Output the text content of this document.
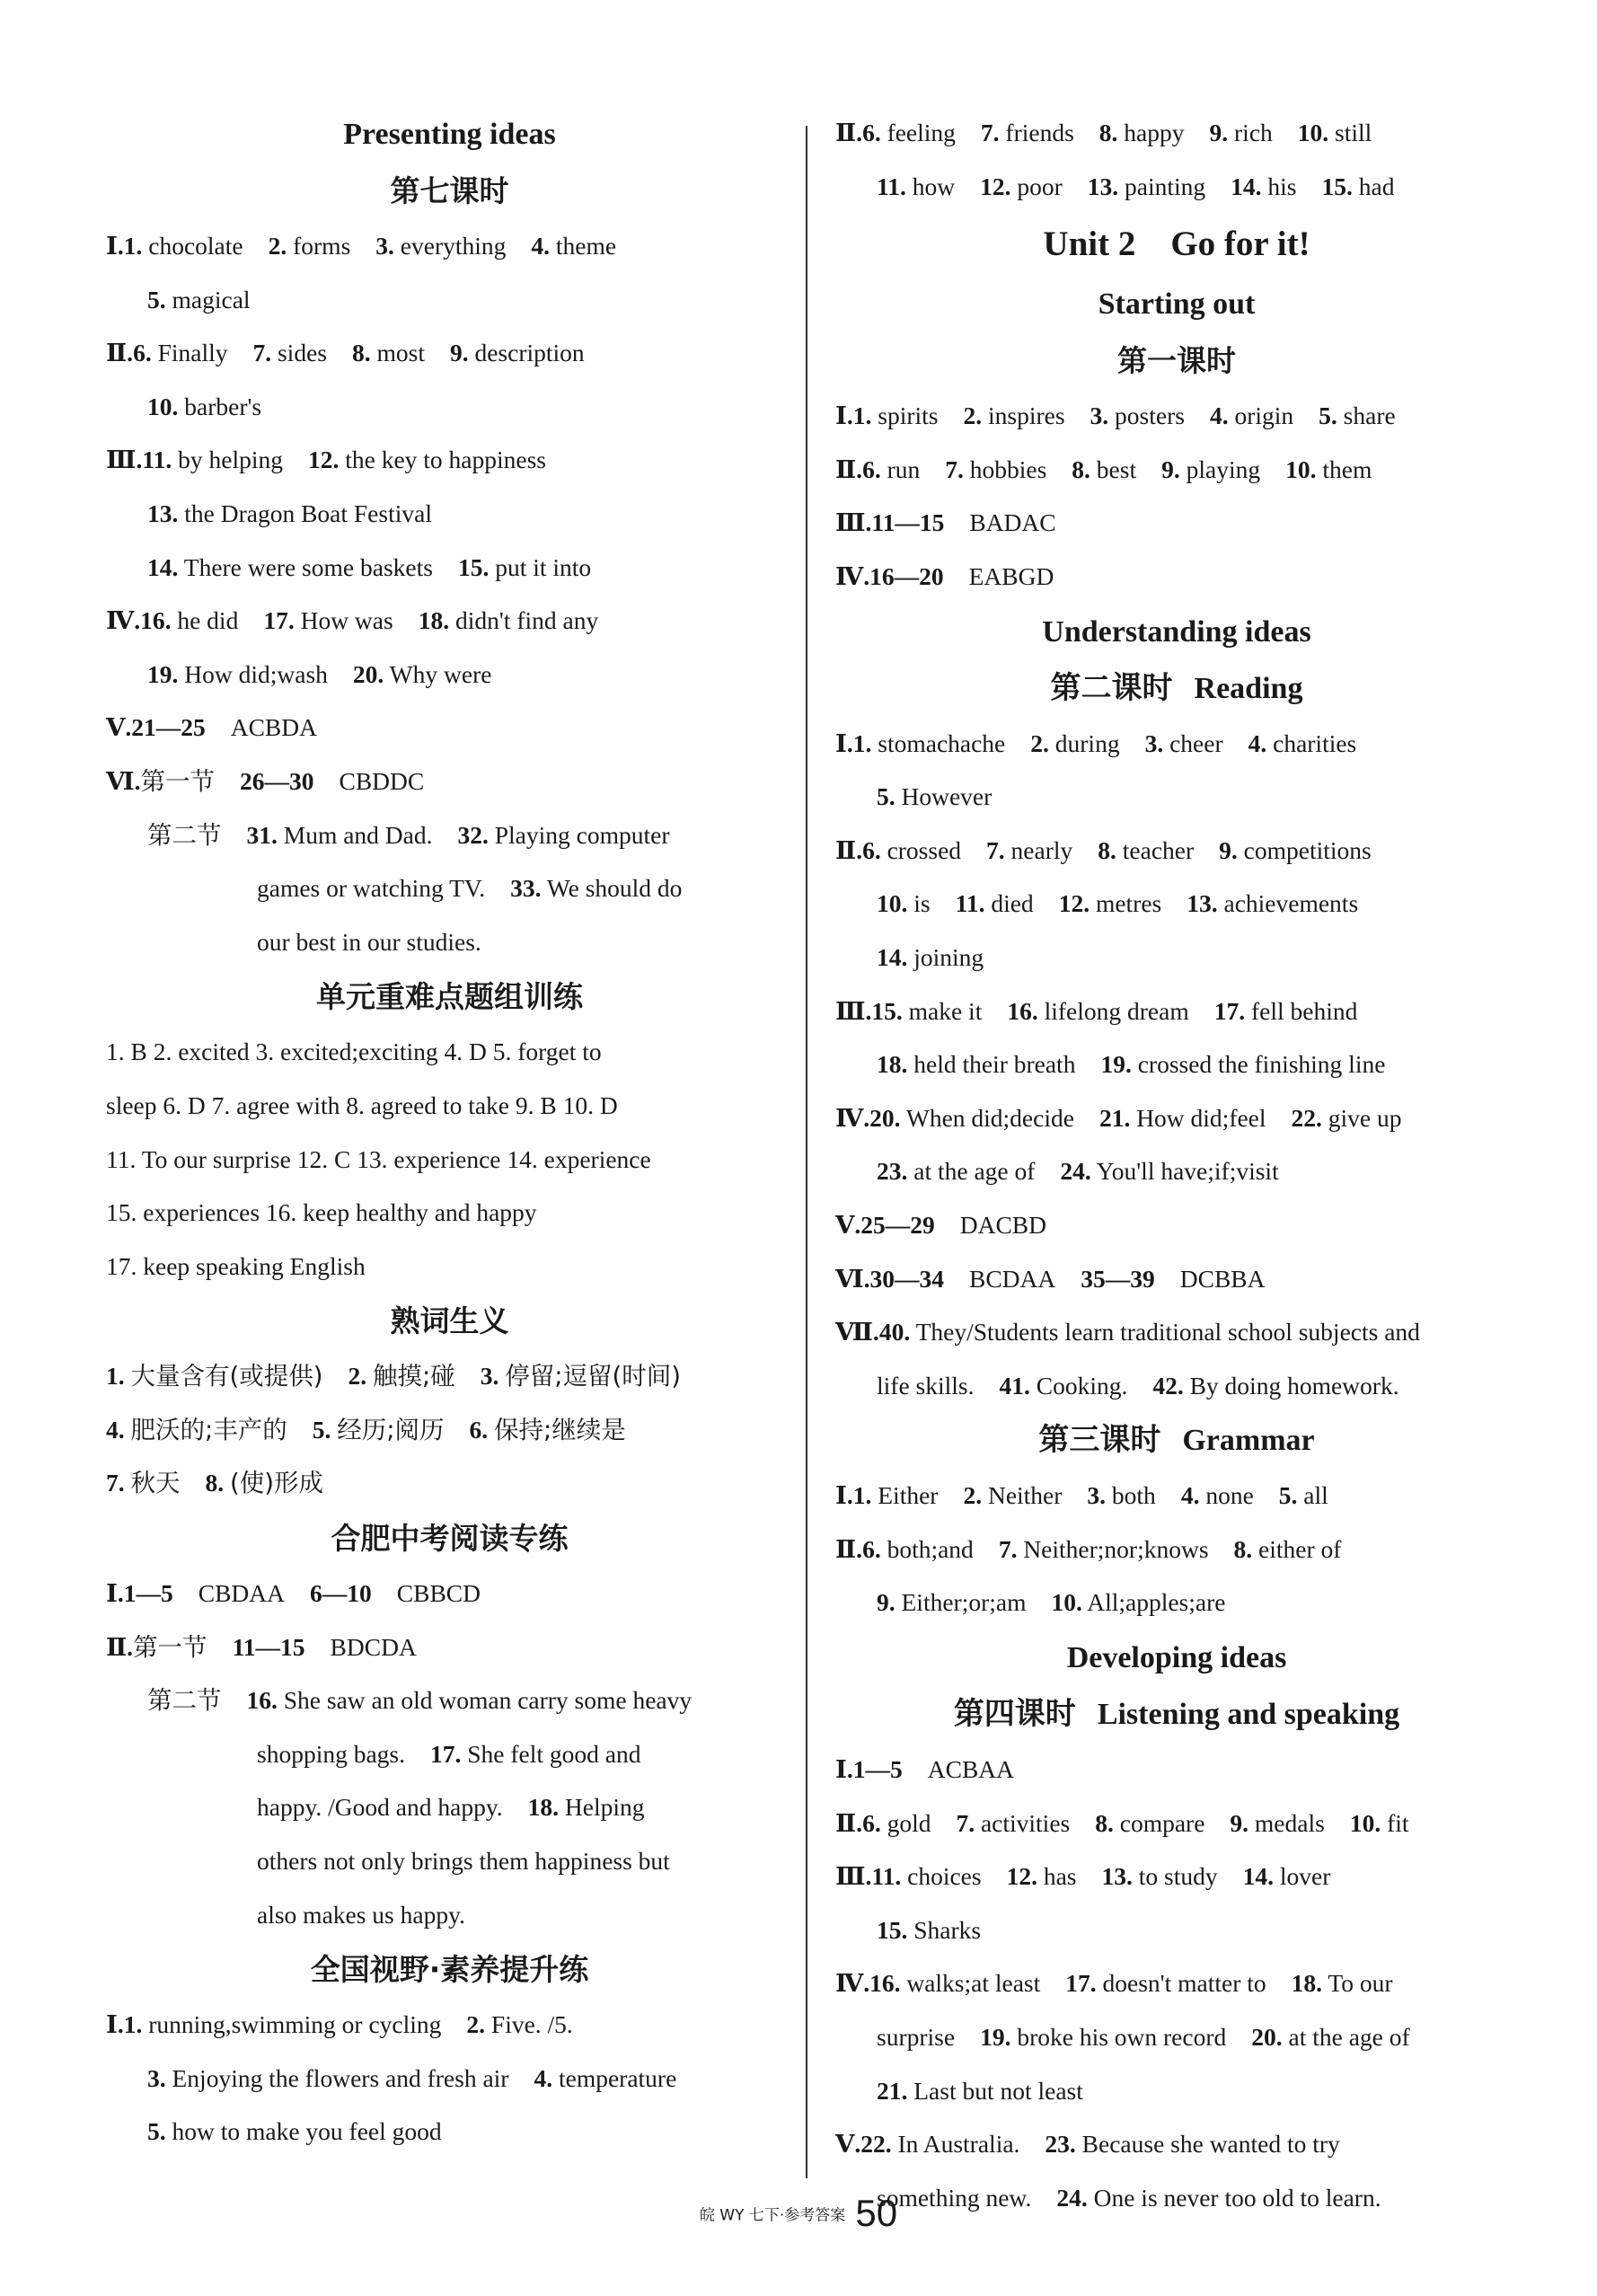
Presenting ideas
第七课时
Ⅰ.1. chocolate 2. forms 3. everything 4. theme
5. magical
Ⅱ.6. Finally 7. sides 8. most 9. description
10. barber's
Ⅲ.11. by helping 12. the key to happiness
13. the Dragon Boat Festival
14. There were some baskets 15. put it into
Ⅳ.16. he did 17. How was 18. didn't find any
19. How did;wash 20. Why were
Ⅴ.21—25 ACBDA
Ⅵ.第一节 26—30 CBDDC
第二节 31. Mum and Dad. 32. Playing computer
games or watching TV. 33. We should do
our best in our studies.
单元重难点题组训练
1. B 2. excited 3. excited;exciting 4. D 5. forget to
sleep 6. D 7. agree with 8. agreed to take 9. B 10. D
11. To our surprise 12. C 13. experience 14. experience
15. experiences 16. keep healthy and happy
17. keep speaking English
熟词生义
1. 大量含有(或提供) 2. 触摸;碰 3. 停留;逗留(时间)
4. 肥沃的;丰产的 5. 经历;阅历 6. 保持;继续是
7. 秋天 8. (使)形成
合肥中考阅读专练
Ⅰ.1—5 CBDAA 6—10 CBBCD
Ⅱ.第一节 11—15 BDCDA
第二节 16. She saw an old woman carry some heavy
shopping bags. 17. She felt good and
happy. /Good and happy. 18. Helping
others not only brings them happiness but
also makes us happy.
全国视野·素养提升练
Ⅰ.1. running,swimming or cycling 2. Five. /5.
3. Enjoying the flowers and fresh air 4. temperature
5. how to make you feel good
Ⅱ.6. feeling 7. friends 8. happy 9. rich 10. still
11. how 12. poor 13. painting 14. his 15. had
Unit 2    Go for it!
Starting out
第一课时
Ⅰ.1. spirits 2. inspires 3. posters 4. origin 5. share
Ⅱ.6. run 7. hobbies 8. best 9. playing 10. them
Ⅲ.11—15 BADAC
Ⅳ.16—20 EABGD
Understanding ideas
第二课时 Reading
Ⅰ.1. stomachache 2. during 3. cheer 4. charities
5. However
Ⅱ.6. crossed 7. nearly 8. teacher 9. competitions
10. is 11. died 12. metres 13. achievements
14. joining
Ⅲ.15. make it 16. lifelong dream 17. fell behind
18. held their breath 19. crossed the finishing line
Ⅳ.20. When did;decide 21. How did;feel 22. give up
23. at the age of 24. You'll have;if;visit
Ⅴ.25—29 DACBD
Ⅵ.30—34 BCDAA 35—39 DCBBA
Ⅶ.40. They/Students learn traditional school subjects and
life skills. 41. Cooking. 42. By doing homework.
第三课时 Grammar
Ⅰ.1. Either 2. Neither 3. both 4. none 5. all
Ⅱ.6. both;and 7. Neither;nor;knows 8. either of
9. Either;or;am 10. All;apples;are
Developing ideas
第四课时 Listening and speaking
Ⅰ.1—5 ACBAA
Ⅱ.6. gold 7. activities 8. compare 9. medals 10. fit
Ⅲ.11. choices 12. has 13. to study 14. lover
15. Sharks
Ⅳ.16. walks;at least 17. doesn't matter to 18. To our
surprise 19. broke his own record 20. at the age of
21. Last but not least
Ⅴ.22. In Australia. 23. Because she wanted to try
something new. 24. One is never too old to learn.
皖 WY 七下·参考答案 50
